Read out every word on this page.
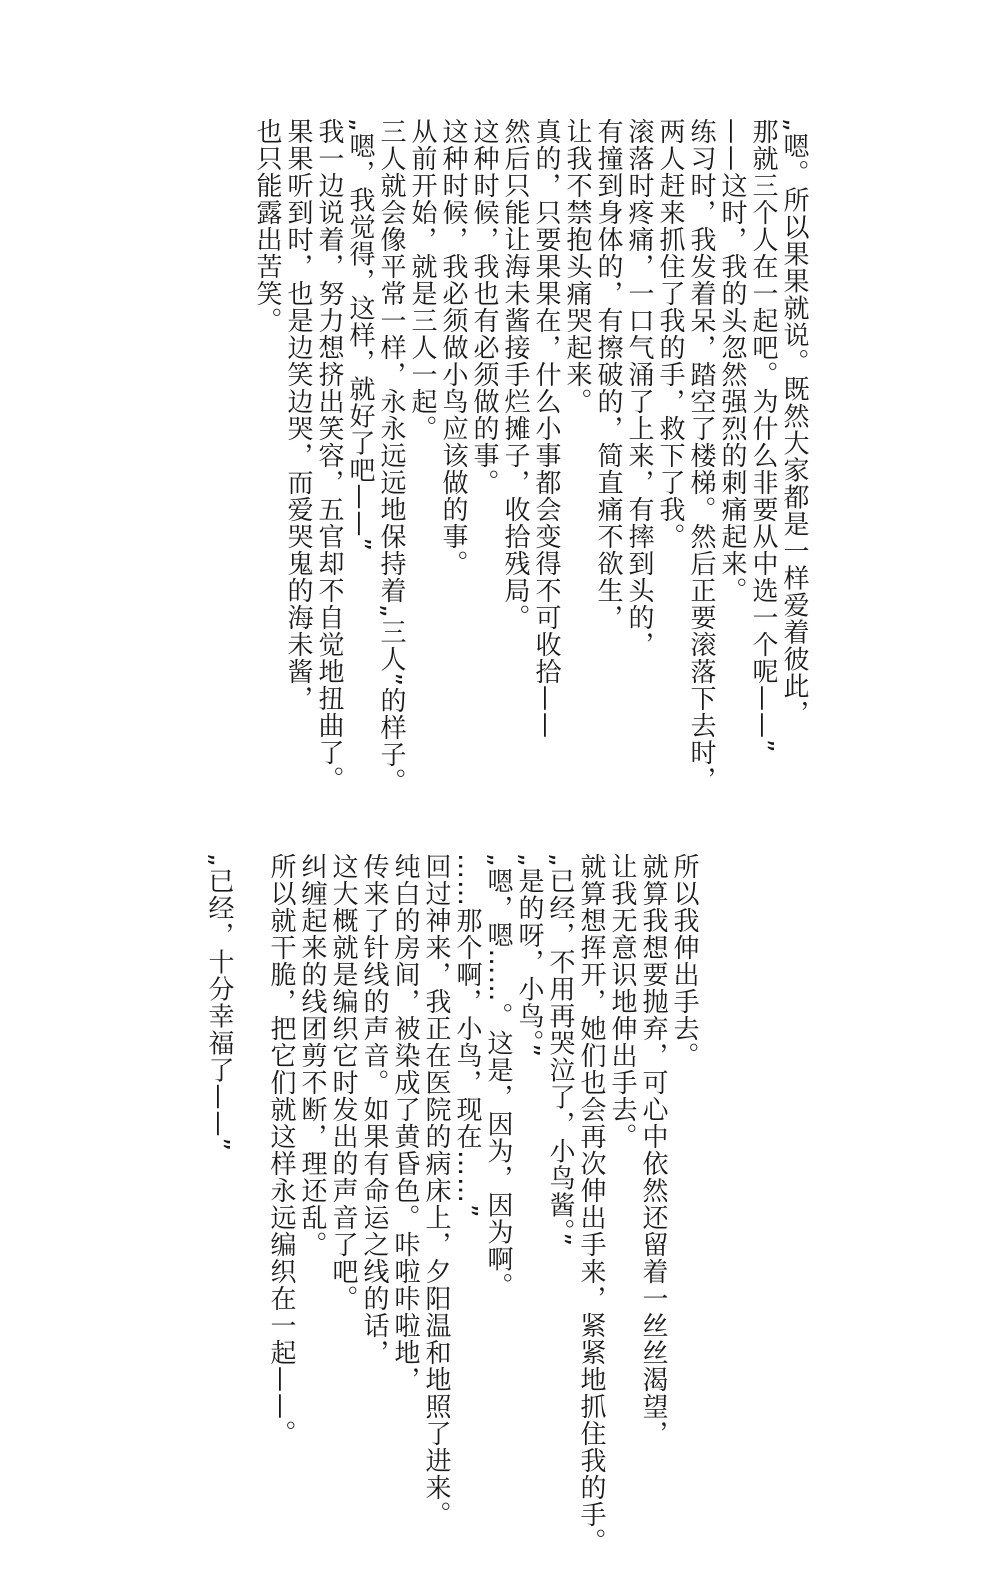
„嗯。所以果果就说。既然大家都是一样爱着彼此，
那就三个人在一起吧。为什么非要从中选一个呢——”
——这时，我的头忽然强烈的刺痛起来。
练习时，我发着呆，踏空了楼梯。然后正要滚落下去时，
两人赶来抓住了我的手，救下了我。
滚落时疼痛，一口气涌了上来，有摔到头的，
有撞到身体的，有擦破的，简直痛不欲生，
让我不禁抱头痛哭起来。
真的，只要果果在，什么小事都会变得不可收拾——
然后只能让海未酱接手烂摊子，收拾残局。
这种时候，我也有必须做的事。
这种时候，我必须做小鸟应该做的事。
从前开始，就是三人一起。
三人就会像平常一样，永永远远地保持着„三人”的样子。
„嗯，我觉得，这样，就好了吧——”
我一边说着，努力想挤出笑容，五官却不自觉地扭曲了。
果果听到时，也是边笑边哭，而爱哭鬼的海未酱，
也只能露出苦笑。
所以我伸出手去。
就算我想要抛弃，可心中依然还留着一丝丝渴望，
让我无意识地伸出手去。
就算想挥开，她们也会再次伸出手来，紧紧地抓住我的手。
„已经，不用再哭泣了，小鸟酱。”
„是的呀，小鸟。”
„嗯，嗯……。这是，因为，因为啊。
……那个啊，小鸟，现在……”
回过神来，我正在医院的病床上，夕阳温和地照了进来。
纯白的房间，被染成了黄昏色。咔啦咔啦地，
传来了针线的声音。如果有命运之线的话，
这大概就是编织它时发出的声音了吧。
纠缠起来的线团剪不断，理还乱。
所以就干脆，把它们就这样永远编织在一起——。

„已经，十分幸福了——”
